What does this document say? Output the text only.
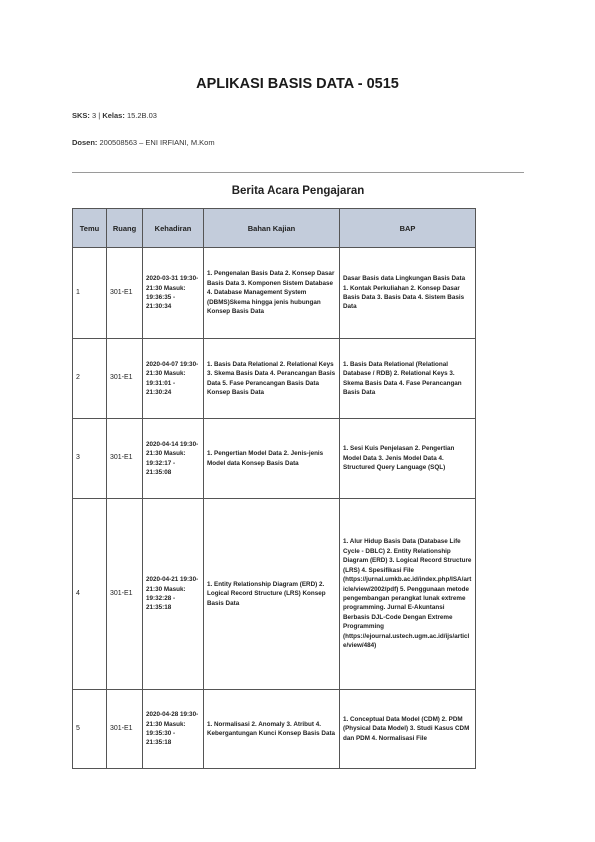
APLIKASI BASIS DATA - 0515
SKS: 3 | Kelas: 15.2B.03
Dosen: 200508563 – ENI IRFIANI, M.Kom
Berita Acara Pengajaran
Temu	Ruang	Kehadiran	Bahan Kajian	BAP
1	301-E1	2020-03-31 19:30-21:30 Masuk: 19:36:35 - 21:30:34	1. Pengenalan Basis Data 2. Konsep Dasar Basis Data 3. Komponen Sistem Database 4. Database Management System (DBMS)Skema hingga jenis hubungan Konsep Basis Data	Dasar Basis data Lingkungan Basis Data 1. Kontak Perkuliahan 2. Konsep Dasar Basis Data 3. Basis Data 4. Sistem Basis Data
2	301-E1	2020-04-07 19:30-21:30 Masuk: 19:31:01 - 21:30:24	1. Basis Data Relational 2. Relational Keys 3. Skema Basis Data 4. Perancangan Basis Data 5. Fase Perancangan Basis Data Konsep Basis Data	1. Basis Data Relational (Relational Database / RDB) 2. Relational Keys 3. Skema Basis Data 4. Fase Perancangan Basis Data
3	301-E1	2020-04-14 19:30-21:30 Masuk: 19:32:17 - 21:35:08	1. Pengertian Model Data 2. Jenis-jenis Model data Konsep Basis Data	1. Sesi Kuis Penjelasan 2. Pengertian Model Data 3. Jenis Model Data 4. Structured Query Language (SQL)
4	301-E1	2020-04-21 19:30-21:30 Masuk: 19:32:28 - 21:35:18	1. Entity Relationship Diagram (ERD) 2. Logical Record Structure (LRS) Konsep Basis Data	1. Alur Hidup Basis Data (Database Life Cycle - DBLC) 2. Entity Relationship Diagram (ERD) 3. Logical Record Structure (LRS) 4. Spesifikasi File (https://jurnal.umkb.ac.id/index.php/ISA/article/view/2002/pdf) 5. Penggunaan metode pengembangan perangkat lunak extreme programming. Jurnal E-Akuntansi Berbasis DJL-Code Dengan Extreme Programming (https://ejournal.ustech.ugm.ac.id/ijs/article/view/484)
5	301-E1	2020-04-28 19:30-21:30 Masuk: 19:35:30 - 21:35:18	1. Normalisasi 2. Anomaly 3. Atribut 4. Kebergantungan Kunci Konsep Basis Data	1. Conceptual Data Model (CDM) 2. PDM (Physical Data Model) 3. Studi Kasus CDM dan PDM 4. Normalisasi File
